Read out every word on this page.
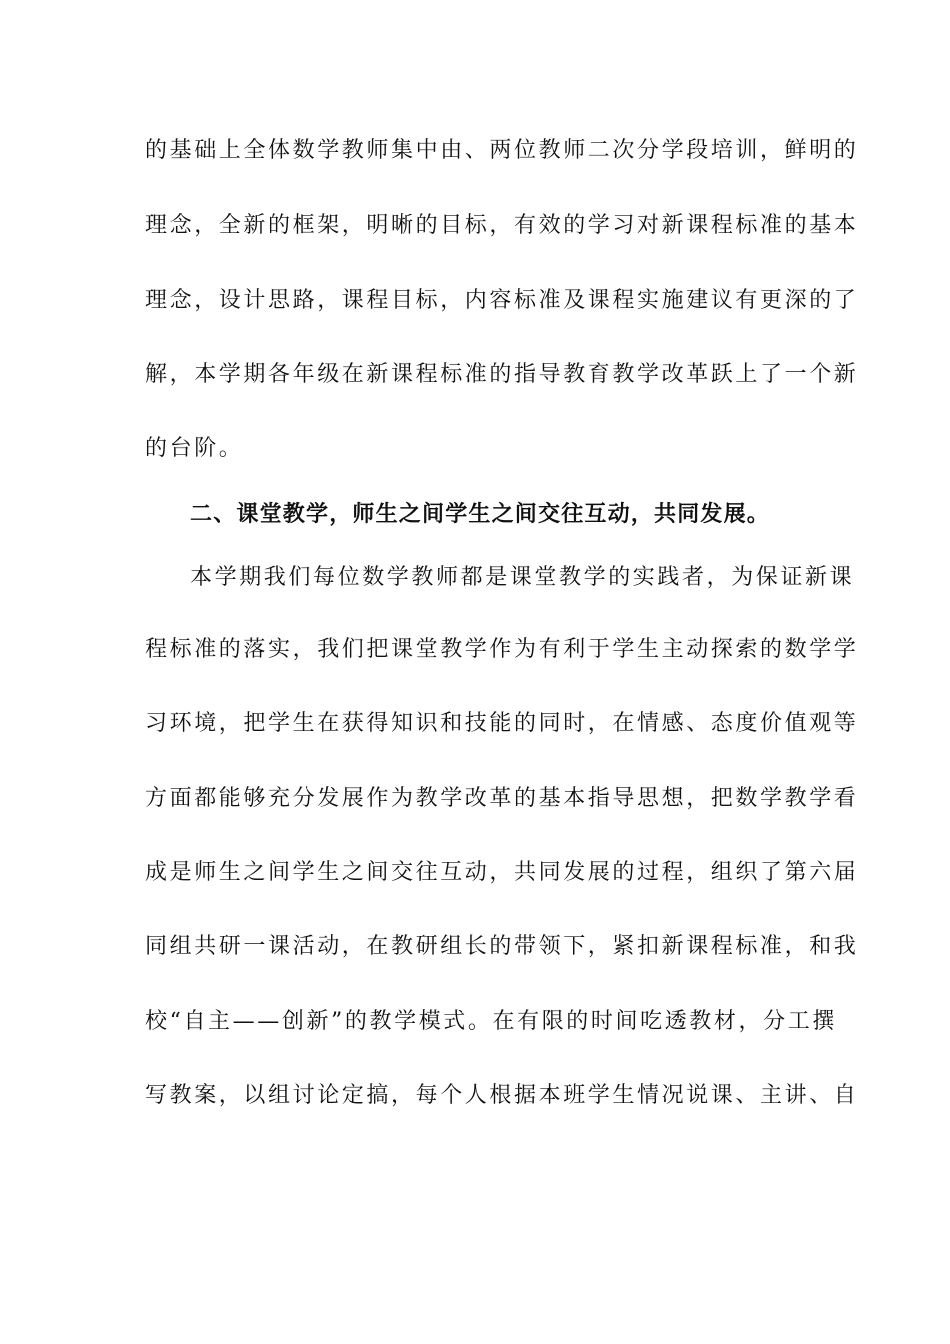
的基础上全体数学教师集中由、两位教师二次分学段培训，鲜明的
理念，全新的框架，明晰的目标，有效的学习对新课程标准的基本
理念，设计思路，课程目标，内容标准及课程实施建议有更深的了
解，本学期各年级在新课程标准的指导教育教学改革跃上了一个新
的台阶。
二、课堂教学，师生之间学生之间交往互动，共同发展。
本学期我们每位数学教师都是课堂教学的实践者，为保证新课
程标准的落实，我们把课堂教学作为有利于学生主动探索的数学学
习环境，把学生在获得知识和技能的同时，在情感、态度价值观等
方面都能够充分发展作为教学改革的基本指导思想，把数学教学看
成是师生之间学生之间交往互动，共同发展的过程，组织了第六届
同组共研一课活动，在教研组长的带领下，紧扣新课程标准，和我
校“自主——创新”的教学模式。在有限的时间吃透教材，分工撰
写教案，以组讨论定搞，每个人根据本班学生情况说课、主讲、自
